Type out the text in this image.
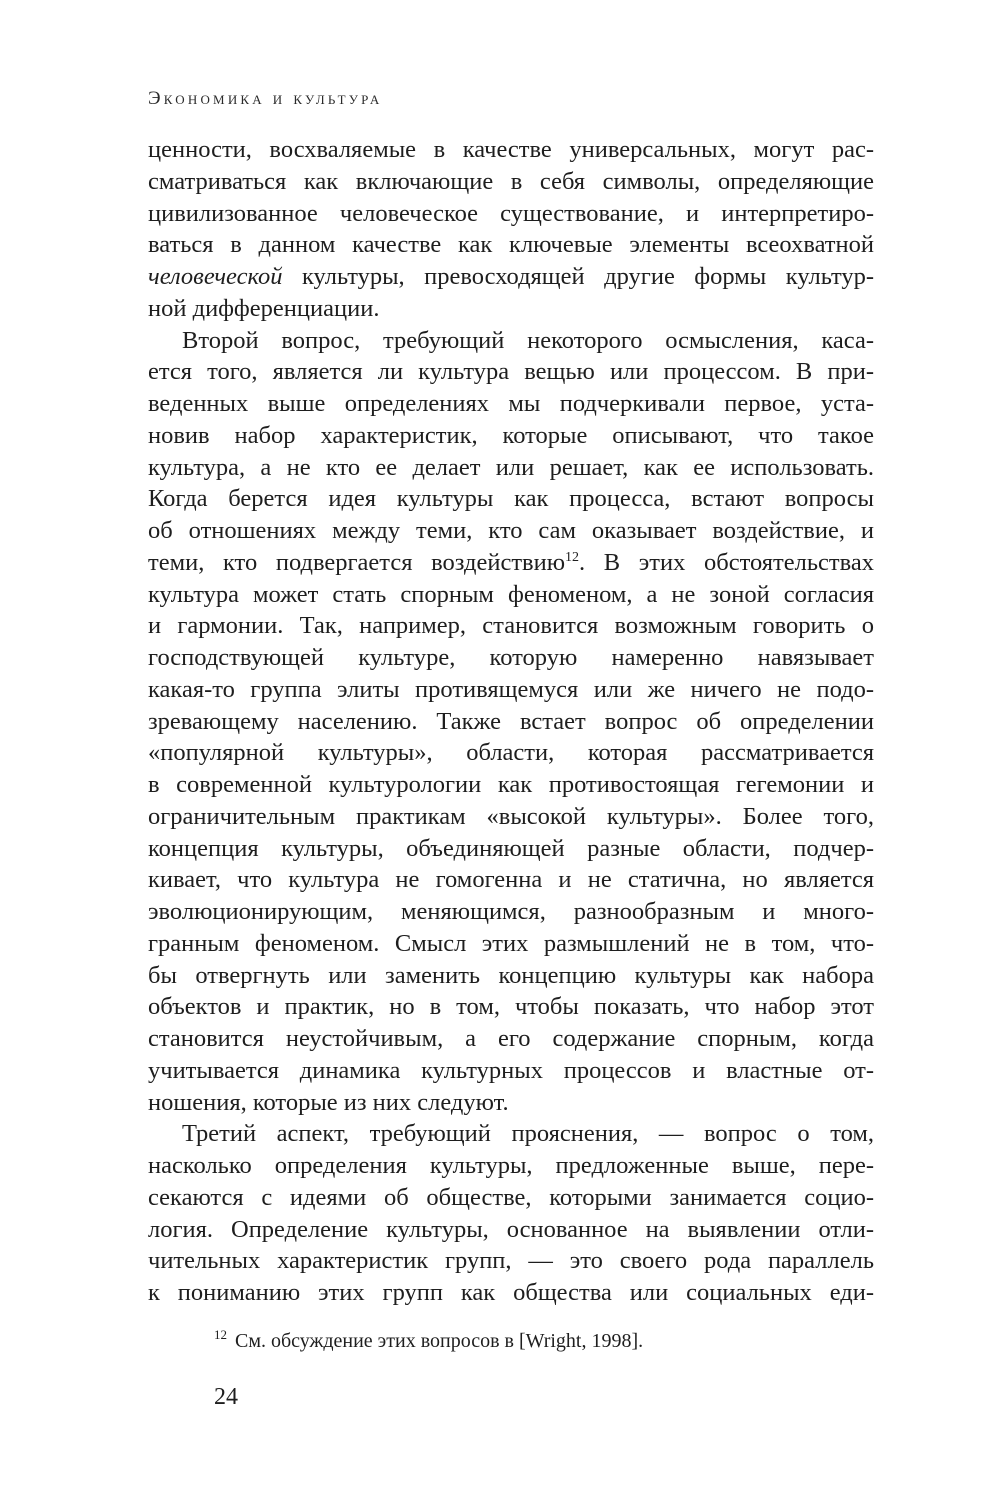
Экономика и культура
ценности, восхваляемые в качестве универсальных, могут рас-
сматриваться как включающие в себя символы, определяющие
цивилизованное человеческое существование, и интерпретиро-
ваться в данном качестве как ключевые элементы всеохватной
человеческой культуры, превосходящей другие формы культур-
ной дифференциации.
Второй вопрос, требующий некоторого осмысления, каса-
ется того, является ли культура вещью или процессом. В при-
веденных выше определениях мы подчеркивали первое, уста-
новив набор характеристик, которые описывают, что такое
культура, а не кто ее делает или решает, как ее использовать.
Когда берется идея культуры как процесса, встают вопросы
об отношениях между теми, кто сам оказывает воздействие, и
теми, кто подвергается воздействию$^{12}$. В этих обстоятельствах
культура может стать спорным феноменом, а не зоной согласия
и гармонии. Так, например, становится возможным говорить о
господствующей культуре, которую намеренно навязывает
какая-то группа элиты противящемуся или же ничего не подо-
зревающему населению. Также встает вопрос об определении
«популярной культуры», области, которая рассматривается
в современной культурологии как противостоящая гегемонии и
ограничительным практикам «высокой культуры». Более того,
концепция культуры, объединяющей разные области, подчер-
кивает, что культура не гомогенна и не статична, но является
эволюционирующим, меняющимся, разнообразным и много-
гранным феноменом. Смысл этих размышлений не в том, что-
бы отвергнуть или заменить концепцию культуры как набора
объектов и практик, но в том, чтобы показать, что набор этот
становится неустойчивым, а его содержание спорным, когда
учитывается динамика культурных процессов и властные от-
ношения, которые из них следуют.
Третий аспект, требующий прояснения, — вопрос о том,
насколько определения культуры, предложенные выше, пере-
секаются с идеями об обществе, которыми занимается социо-
логия. Определение культуры, основанное на выявлении отли-
чительных характеристик групп, — это своего рода параллель
к пониманию этих групп как общества или социальных еди-
$^{12}$ См. обсуждение этих вопросов в [Wright, 1998].
24
